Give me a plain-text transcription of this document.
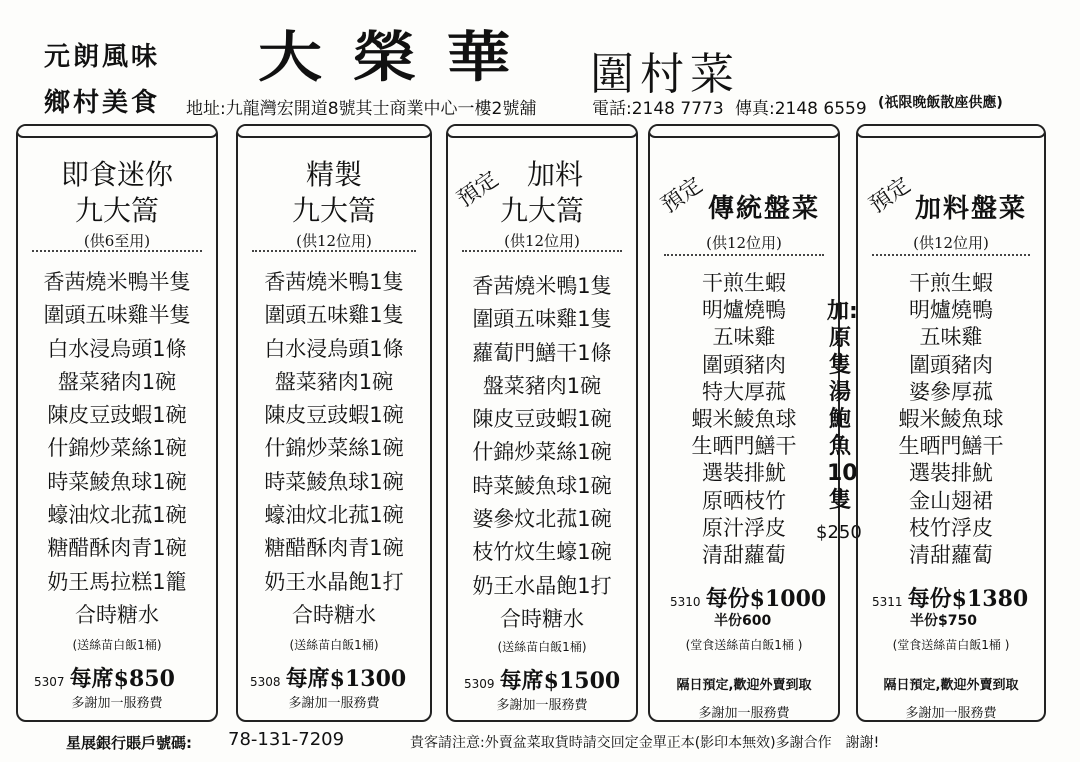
元朗風味
鄉村美食
大 榮 華 圍村菜
地址:九龍灣宏開道8號其士商業中心一樓2號舖	電話:2148 7773 傳真:2148 6559 (祇限晚飯散座供應)
即食迷你
九大篙
(供6至用)
香茜燒米鴨半隻
圍頭五味雞半隻
白水浸烏頭1條
盤菜豬肉1碗
陳皮豆豉蝦1碗
什錦炒菜絲1碗
時菜鯪魚球1碗
蠔油炆北菰1碗
糖醋酥肉青1碗
奶王馬拉糕1籠
合時糖水
(送絲苗白飯1桶)
5307 每席$850
多謝加一服務費
精製
九大篙
(供12位用)
香茜燒米鴨1隻
圍頭五味雞1隻
白水浸烏頭1條
盤菜豬肉1碗
陳皮豆豉蝦1碗
什錦炒菜絲1碗
時菜鯪魚球1碗
蠔油炆北菰1碗
糖醋酥肉青1碗
奶王水晶飽1打
合時糖水
(送絲苗白飯1桶)
5308 每席$1300
多謝加一服務費
預定 加料
九大篙
(供12位用)
香茜燒米鴨1隻
圍頭五味雞1隻
蘿蔔門鱔干1條
盤菜豬肉1碗
陳皮豆豉蝦1碗
什錦炒菜絲1碗
時菜鯪魚球1碗
婆參炆北菰1碗
枝竹炆生蠔1碗
奶王水晶飽1打
合時糖水
(送絲苗白飯1桶)
5309 每席$1500
多謝加一服務費
預定 傳統盤菜
(供12位用)
干煎生蝦
明爐燒鴨
五味雞
圍頭豬肉
特大厚菰
蝦米鯪魚球
生晒門鱔干
選裝排魷
原晒枝竹
原汁浮皮
清甜蘿蔔
5310 每份$1000
半份600
(堂食送絲苗白飯1桶 )
隔日預定,歡迎外賣到取
多謝加一服務費
加:原隻湯鮑魚10隻
$250
預定 加料盤菜
(供12位用)
干煎生蝦
明爐燒鴨
五味雞
圍頭豬肉
婆參厚菰
蝦米鯪魚球
生晒門鱔干
選裝排魷
金山翅裙
枝竹浮皮
清甜蘿蔔
5311 每份$1380
半份$750
(堂食送絲苗白飯1桶 )
隔日預定,歡迎外賣到取
多謝加一服務費
星展銀行賬戶號碼: 78-131-7209	貴客請注意:外賣盆菜取貨時請交回定金單正本(影印本無效)多謝合作　謝謝!
